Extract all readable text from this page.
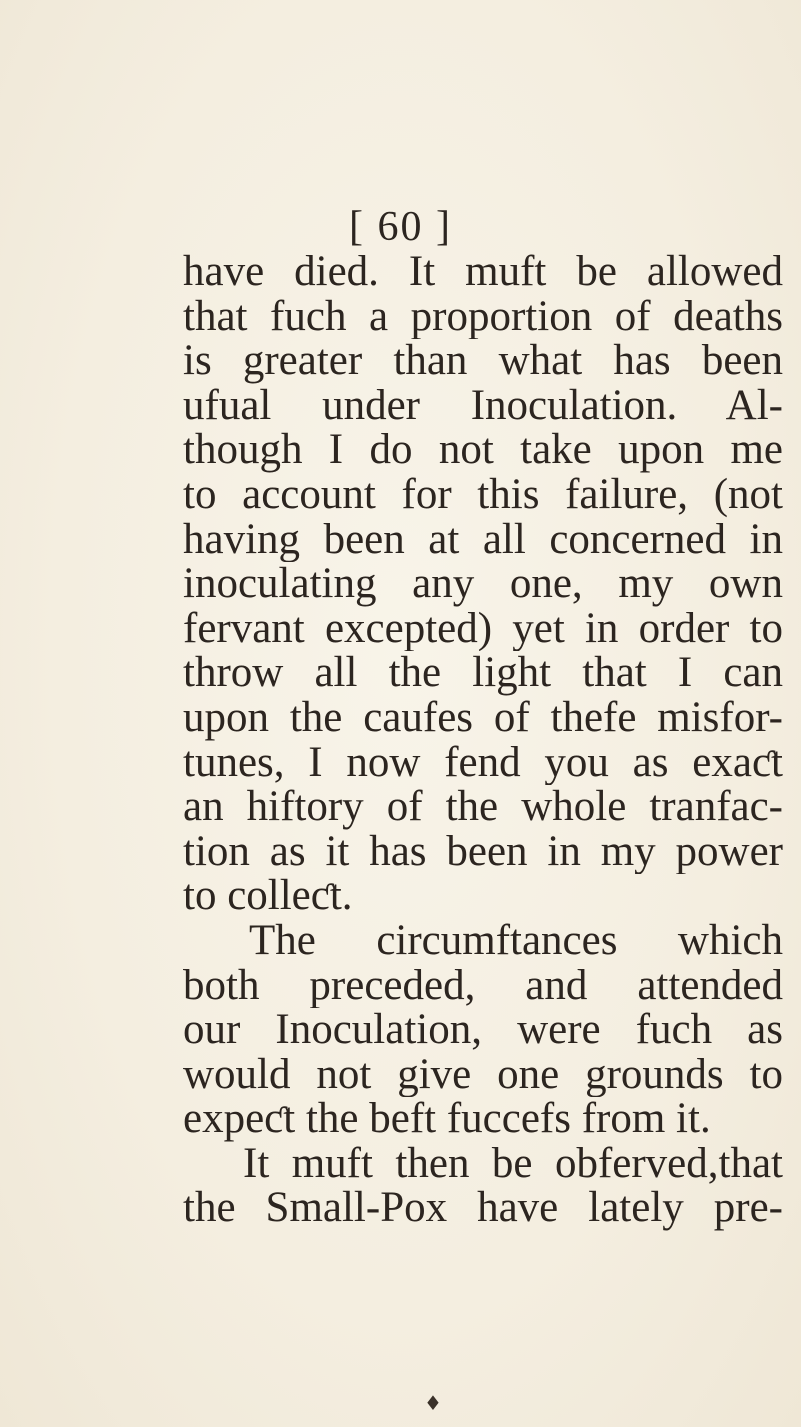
[ 60 ]
have died. It muft be allowed
that fuch a proportion of deaths
is greater than what has been
ufual under Inoculation. Al-
though I do not take upon me
to account for this failure, (not
having been at all concerned in
inoculating any one, my own
fervant excepted) yet in order to
throw all the light that I can
upon the caufes of thefe misfor-
tunes, I now fend you as exaƈt
an hiftory of the whole tranfac-
tion as it has been in my power
to colleƈt.
The circumftances which
both preceded, and attended
our Inoculation, were fuch as
would not give one grounds to
expeƈt the beft fuccefs from it.
It muft then be obferved,that
the Small-Pox have lately pre-
♦
